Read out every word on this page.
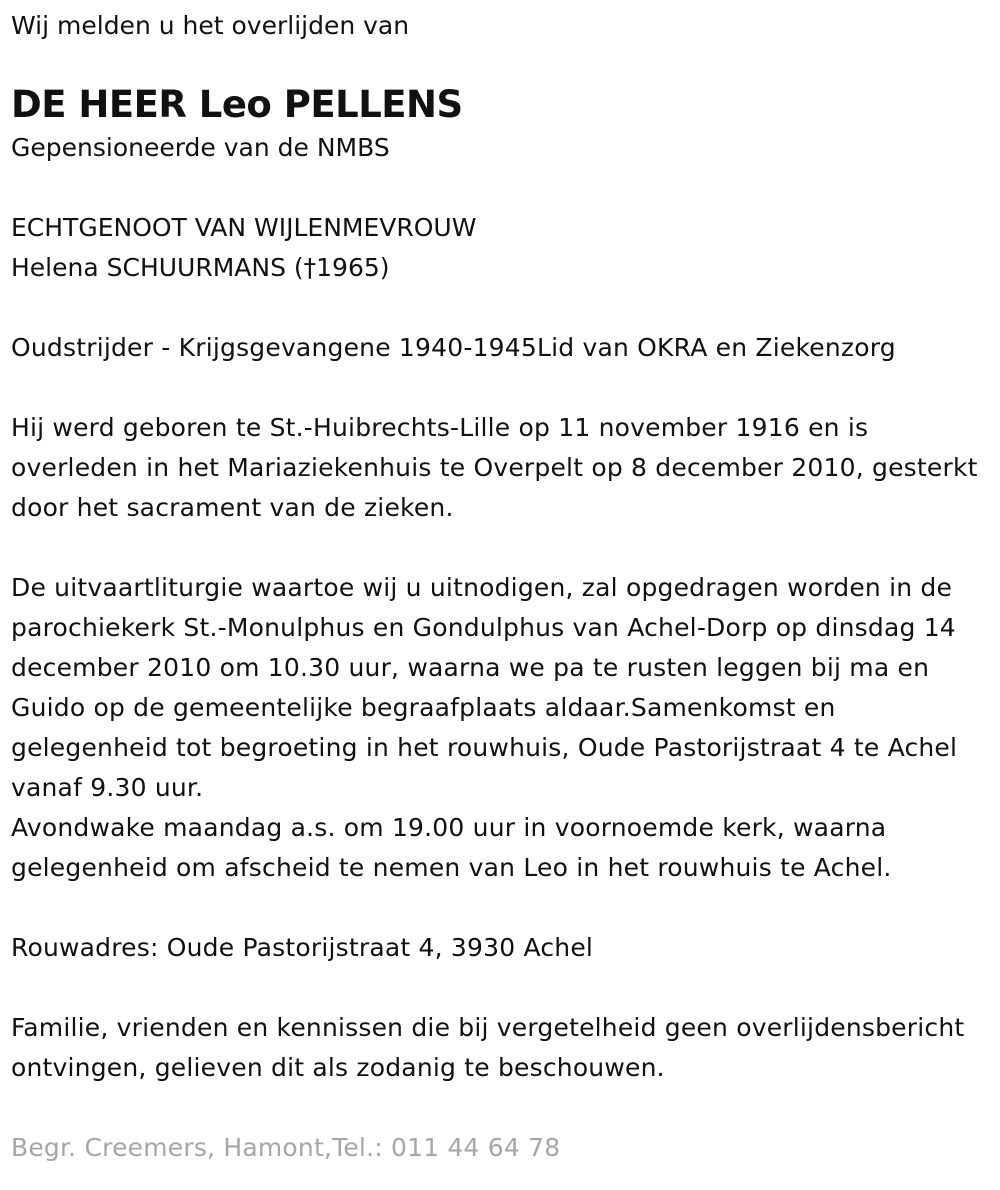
Wij melden u het overlijden van

DE HEER Leo PELLENS

Gepensioneerde van de NMBS

ECHTGENOOT VAN WIJLENMEVROUW

Helena SCHUURMANS (†1965)

Oudstrijder - Krijgsgevangene 1940-1945Lid van OKRA en Ziekenzorg

Hij werd geboren te St.-Huibrechts-Lille op 11 november 1916 en is overleden in het Mariaziekenhuis te Overpelt op 8 december 2010, gesterkt door het sacrament van de zieken.

De uitvaartliturgie waartoe wij u uitnodigen, zal opgedragen worden in de parochiekerk St.-Monulphus en Gondulphus van Achel-Dorp op dinsdag 14 december 2010 om 10.30 uur, waarna we pa te rusten leggen bij ma en Guido op de gemeentelijke begraafplaats aldaar.Samenkomst en gelegenheid tot begroeting in het rouwhuis, Oude Pastorijstraat 4 te Achel vanaf 9.30 uur.

Avondwake maandag a.s. om 19.00 uur in voornoemde kerk, waarna gelegenheid om afscheid te nemen van Leo in het rouwhuis te Achel.

Rouwadres: Oude Pastorijstraat 4, 3930 Achel

Familie, vrienden en kennissen die bij vergetelheid geen overlijdensbericht ontvingen, gelieven dit als zodanig te beschouwen.

Begr. Creemers, Hamont,Tel.: 011 44 64 78
